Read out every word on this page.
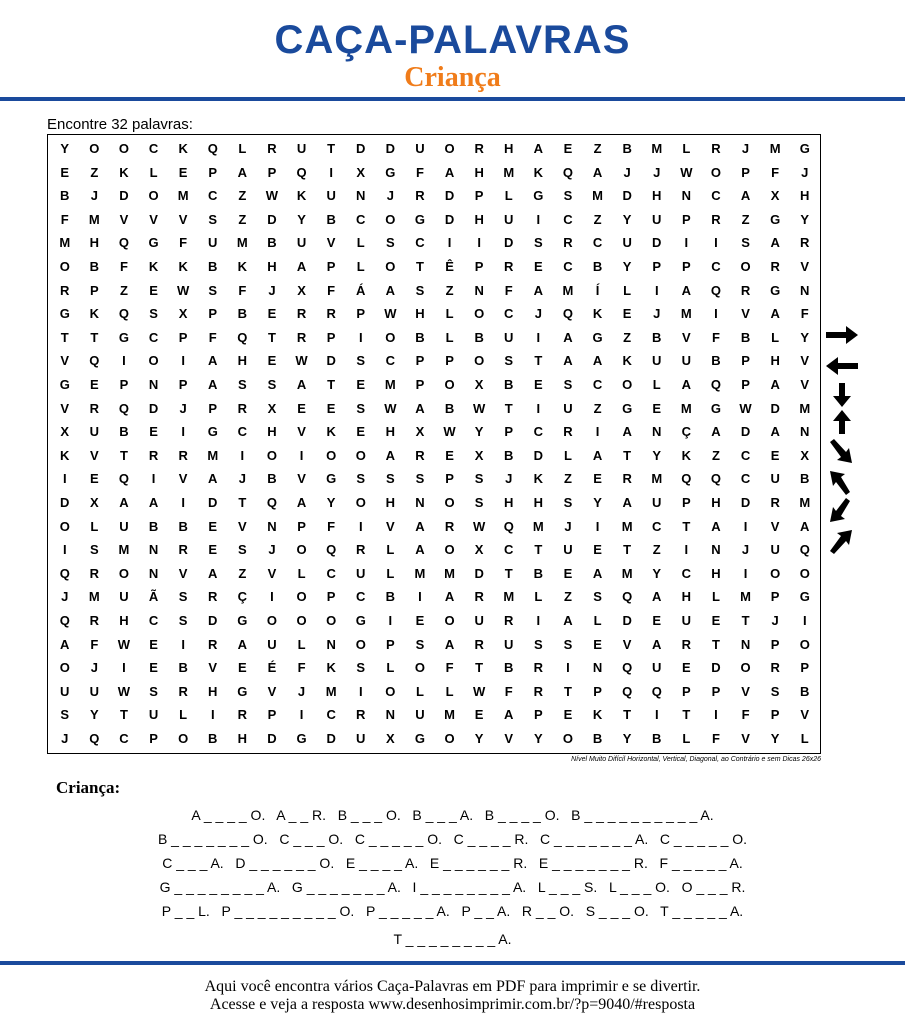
CAÇA-PALAVRAS
Criança
Encontre 32 palavras:
Y	O	O	C	K	Q	L	R	U	T	D	D	U	O	R	H	A	E	Z	B	M	L	R	J	M	G
E	Z	K	L	E	P	A	P	Q	I	X	G	F	A	H	M	K	Q	A	J	J	W	O	P	F	J
B	J	D	O	M	C	Z	W	K	U	N	J	R	D	P	L	G	S	M	D	H	N	C	A	X	H
F	M	V	V	V	S	Z	D	Y	B	C	O	G	D	H	U	I	C	Z	Y	U	P	R	Z	G	Y
M	H	Q	G	F	U	M	B	U	V	L	S	C	I	I	D	S	R	C	U	D	I	I	S	A	R
O	B	F	K	K	B	K	H	A	P	L	O	T	Ê	P	R	E	C	B	Y	P	P	C	O	R	V
R	P	Z	E	W	S	F	J	X	F	Á	A	S	Z	N	F	A	M	Í	L	I	A	Q	R	G	N
G	K	Q	S	X	P	B	E	R	R	P	W	H	L	O	C	J	Q	K	E	J	M	I	V	A	F
T	T	G	C	P	F	Q	T	R	P	I	O	B	L	B	U	I	A	G	Z	B	V	F	B	L	Y
V	Q	I	O	I	A	H	E	W	D	S	C	P	P	O	S	T	A	A	K	U	U	B	P	H	V
G	E	P	N	P	A	S	S	A	T	E	M	P	O	X	B	E	S	C	O	L	A	Q	P	A	V
V	R	Q	D	J	P	R	X	E	E	S	W	A	B	W	T	I	U	Z	G	E	M	G	W	D	M
X	U	B	E	I	G	C	H	V	K	E	H	X	W	Y	P	C	R	I	A	N	Ç	A	D	A	N
K	V	T	R	R	M	I	O	I	O	O	A	R	E	X	B	D	L	A	T	Y	K	Z	C	E	X
I	E	Q	I	V	A	J	B	V	G	S	S	S	P	S	J	K	Z	E	R	M	Q	Q	C	U	B
D	X	A	A	I	D	T	Q	A	Y	O	H	N	O	S	H	H	S	Y	A	U	P	H	D	R	M
O	L	U	B	B	E	V	N	P	F	I	V	A	R	W	Q	M	J	I	M	C	T	A	I	V	A
I	S	M	N	R	E	S	J	O	Q	R	L	A	O	X	C	T	U	E	T	Z	I	N	J	U	Q
Q	R	O	N	V	A	Z	V	L	C	U	L	M	M	D	T	B	E	A	M	Y	C	H	I	O	O
J	M	U	Ã	S	R	Ç	I	O	P	C	B	I	A	R	M	L	Z	S	Q	A	H	L	M	P	G
Q	R	H	C	S	D	G	O	O	O	G	I	E	O	U	R	I	A	L	D	E	U	E	T	J	I
A	F	W	E	I	R	A	U	L	N	O	P	S	A	R	U	S	S	E	V	A	R	T	N	P	O
O	J	I	E	B	V	E	É	F	K	S	L	O	F	T	B	R	I	N	Q	U	E	D	O	R	P
U	U	W	S	R	H	G	V	J	M	I	O	L	L	W	F	R	T	P	Q	Q	P	P	V	S	B
S	Y	T	U	L	I	R	P	I	C	R	N	U	M	E	A	P	E	K	T	I	T	I	F	P	V
J	Q	C	P	O	B	H	D	G	D	U	X	G	O	Y	V	Y	O	B	Y	B	L	F	V	Y	L
Nível Muito Difícil Horizontal, Vertical, Diagonal, ao Contrário e sem Dicas 26x26
Criança:
A _ _ _ _ O.   A _ _ R.   B _ _ _ O.   B _ _ _ A.   B _ _ _ _ O.   B _ _ _ _ _ _ _ _ _ _ A.
B _ _ _ _ _ _ _ O.   C _ _ _ O.   C _ _ _ _ _ O.   C _ _ _ _ R.   C _ _ _ _ _ _ _ A.   C _ _ _ _ _ O.
C _ _ _ A.   D _ _ _ _ _ _ O.   E _ _ _ _ A.   E _ _ _ _ _ _ R.   E _ _ _ _ _ _ _ R.   F _ _ _ _ _ A.
G _ _ _ _ _ _ _ _ A.   G _ _ _ _ _ _ _ A.   I _ _ _ _ _ _ _ _ A.   L _ _ _ S.   L _ _ _ O.   O _ _ _ R.
P _ _ L.   P _ _ _ _ _ _ _ _ _ O.   P _ _ _ _ _ A.   P _ _ A.   R _ _ O.   S _ _ _ O.   T _ _ _ _ _ A.
T _ _ _ _ _ _ _ _ A.
Aqui você encontra vários Caça-Palavras em PDF para imprimir e se divertir.
Acesse e veja a resposta www.desenhosimprimir.com.br/?p=9040/#resposta
